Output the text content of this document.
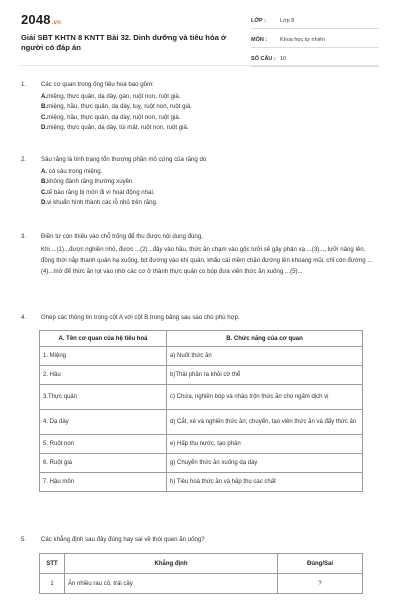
2048.vn
Giải SBT KHTN 8 KNTT Bài 32. Dinh dưỡng và tiêu hóa ở người có đáp án
LỚP :	Lớp 8
MÔN :	Khoa học tự nhiên
SỐ CÂU : 10
1. Các cơ quan trong ống tiêu hoá bao gồm:
A.miệng, thực quản, dạ dày, gan, ruột non, ruột già.
B.miệng, hầu, thực quản, dạ dày, tuỵ, ruột non, ruột già.
C.miệng, hầu, thực quản, dạ dày, ruột non, ruột già.
D.miệng, thực quản, dạ dày, túi mật, ruột non, ruột già.
2. Sâu răng là tình trạng tổn thương phần mô cứng của răng do
A. có sâu trong miệng.
B.không đánh răng thường xuyên.
C.tế bào răng bị mòn đi vì hoạt động nhai.
D.vi khuẩn hình thành các lỗ nhỏ trên răng.
3. Điền từ còn thiếu vào chỗ trống để thu được nội dung đúng.
Khi ...(1)...được nghiền nhỏ, được ...(2)...đảy vào hầu, thức ăn chạm vào gốc lưỡi sẽ gây phản xạ ...(3)..., lưỡi nâng lên, đồng thời nắp thanh quản hạ xuống, bịt đường vào khí quản, khẩu cái mềm chặn đường lên khoang mũi, chỉ còn đường ...(4)...mở để thức ăn lọt vào nhờ các cơ ở thành thực quản co bóp đưa viên thức ăn xuống ...(5)...
4. Ghép các thông tin trong cột A với cột B trong bảng sau sao cho phù hợp.
A. Tên cơ quan của hệ tiêu hoá	B. Chức năng của cơ quan
1. Miệng	a) Nuốt thức ăn
2. Hầu	b)Thải phân ra khỏi cơ thể
3.Thực quản	c) Chứa, nghiền bóp và nhào trộn thức ăn cho ngấm dịch vị
4. Dạ dày	d) Cắt, xé và nghiền thức ăn; chuyển, tạo viên thức ăn và đẩy thức ăn
5. Ruột non	e) Hấp thụ nước, tạo phân
6. Ruột già	g) Chuyển thức ăn xuống dạ dày
7. Hậu môn	h) Tiêu hoá thức ăn và hấp thụ các chất
5. Các khẳng định sau đây đúng hay sai về thói quen ăn uống?
STT	Khẳng định	Đúng/Sai
1	Ăn nhiều rau củ, trái cây	?
